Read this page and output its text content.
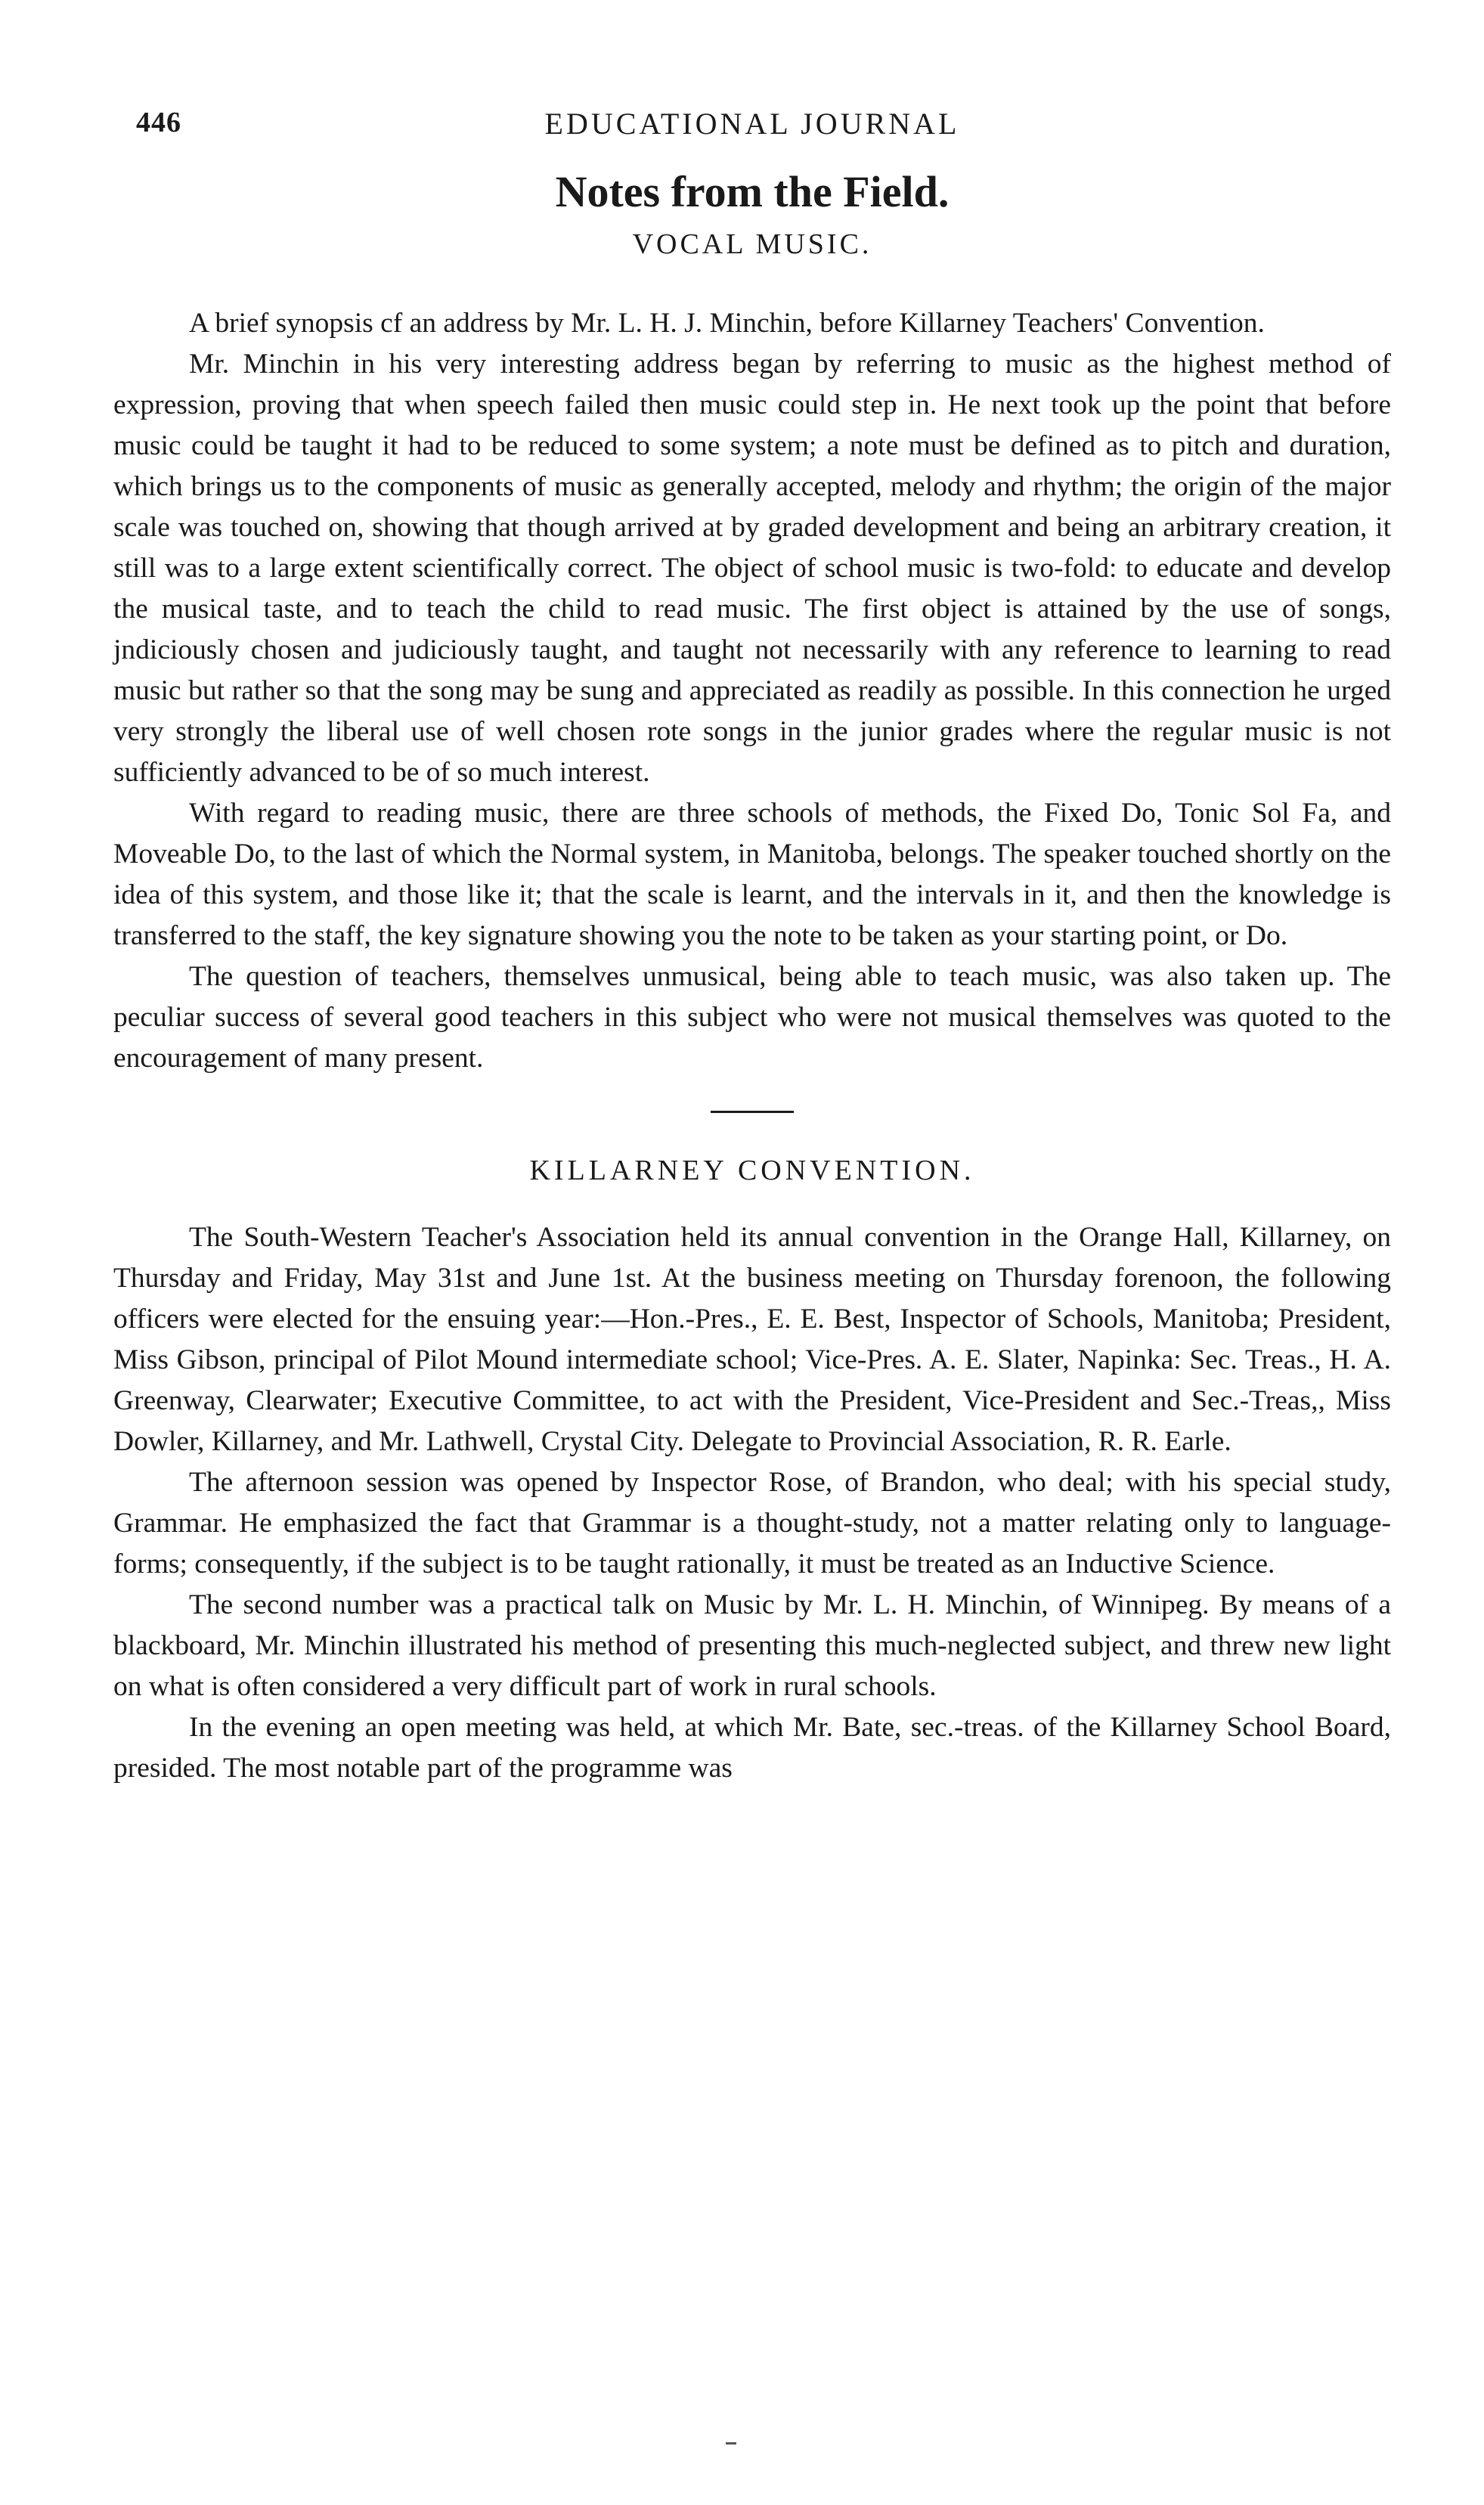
446	EDUCATIONAL JOURNAL
Notes from the Field.
VOCAL MUSIC.

A brief synopsis cf an address by Mr. L. H. J. Minchin, before Killarney Teachers' Convention.

Mr. Minchin in his very interesting address began by referring to music as the highest method of expression, proving that when speech failed then music could step in. He next took up the point that before music could be taught it had to be reduced to some system; a note must be defined as to pitch and duration, which brings us to the components of music as generally accepted, melody and rhythm; the origin of the major scale was touched on, showing that though arrived at by graded development and being an arbitrary creation, it still was to a large extent scientifically correct. The object of school music is two-fold: to educate and develop the musical taste, and to teach the child to read music. The first object is attained by the use of songs, jndiciously chosen and judiciously taught, and taught not necessarily with any reference to learning to read music but rather so that the song may be sung and appreciated as readily as possible. In this connection he urged very strongly the liberal use of well chosen rote songs in the junior grades where the regular music is not sufficiently advanced to be of so much interest.

With regard to reading music, there are three schools of methods, the Fixed Do, Tonic Sol Fa, and Moveable Do, to the last of which the Normal system, in Manitoba, belongs. The speaker touched shortly on the idea of this system, and those like it; that the scale is learnt, and the intervals in it, and then the knowledge is transferred to the staff, the key signature showing you the note to be taken as your starting point, or Do.

The question of teachers, themselves unmusical, being able to teach music, was also taken up. The peculiar success of several good teachers in this subject who were not musical themselves was quoted to the encouragement of many present.

KILLARNEY CONVENTION.

The South-Western Teacher's Association held its annual convention in the Orange Hall, Killarney, on Thursday and Friday, May 31st and June 1st. At the business meeting on Thursday forenoon, the following officers were elected for the ensuing year:—Hon.-Pres., E. E. Best, Inspector of Schools, Manitoba; President, Miss Gibson, principal of Pilot Mound intermediate school; Vice-Pres. A. E. Slater, Napinka: Sec. Treas., H. A. Greenway, Clearwater; Executive Committee, to act with the President, Vice-President and Sec.-Treas,, Miss Dowler, Killarney, and Mr. Lathwell, Crystal City. Delegate to Provincial Association, R. R. Earle.

The afternoon session was opened by Inspector Rose, of Brandon, who deal; with his special study, Grammar. He emphasized the fact that Grammar is a thought-study, not a matter relating only to language-forms; consequently, if the subject is to be taught rationally, it must be treated as an Inductive Science.

The second number was a practical talk on Music by Mr. L. H. Minchin, of Winnipeg. By means of a blackboard, Mr. Minchin illustrated his method of presenting this much-neglected subject, and threw new light on what is often considered a very difficult part of work in rural schools.

In the evening an open meeting was held, at which Mr. Bate, sec.-treas. of the Killarney School Board, presided. The most notable part of the programme was
